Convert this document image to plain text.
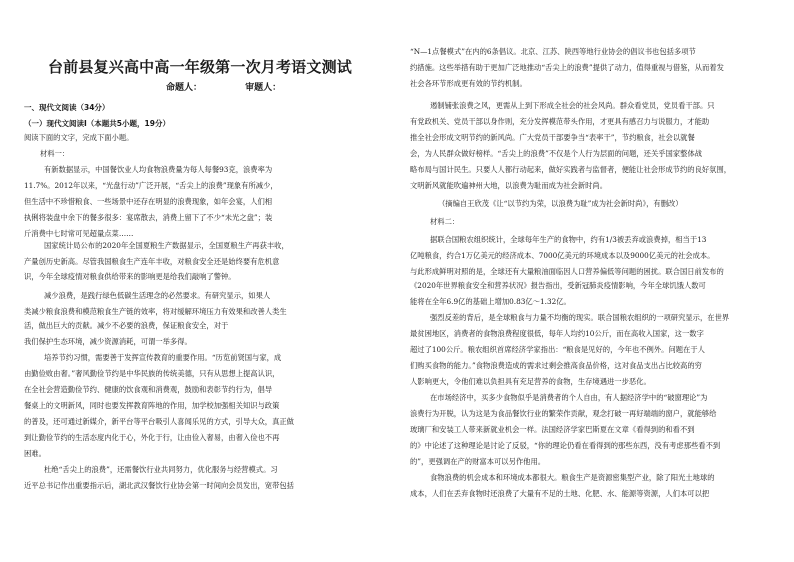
台前县复兴高中高一年级第一次月考语文测试
命题人：	审题人：
一、现代文阅读（34分）
（一）现代文阅读Ⅰ（本题共5小题，19分）
阅读下面的文字，完成下面小题。
材料一：
有新数据显示，中国餐饮业人均食物浪费量为每人每餐93克，浪费率为
11.7%。2012年以来，“光盘行动”广泛开展，“舌尖上的浪费”现象有所减少，
但生活中不珍惜粮食、一些场景中还存在明显的浪费现象，如年会宴，人们相
执俐将装盘中余下的餐多很多：宴席散去，消费上留下了不少“未光之盘”；装
斤消费中七时常可见超量点菜……
国家统计局公布的2020年全国夏粮生产数据显示，全国夏粮生产再获丰收，
产量创历史新高。尽管我国粮食生产连年丰收，对粮食安全还是始终要有危机意
识，今年全球疫情对粮食供给带来的影响更是给我们敲响了警钟。
减少浪费，是践行绿色低碳生活理念的必然要求。有研究显示，如果人
类减少粮食浪费和模范粮食生产链的效率，将对缓解环境压力有效果和改善人类生
活，做出巨大的贡献。减少不必要的浪费，保证粮食安全，对于
我们保护生态环境，减少资源消耗，可谓一举多得。
培养节约习惯，需要善于发挥宣传教育的重要作用。“历览前贤国与家，成
由勤俭败由奢。”奢风勤俭节约是中华民族的传统美德，只有从思想上提高认识，
在全社会营造勤俭节约、健康的饮食观和消费观，鼓励和表彰节约行为，倡导
餐桌上的文明新风，同时也要发挥教育阵地的作用，加学校加强相关知识与政策
的普及，还可通过新媒介，新平台等平台吸引人喜闻乐见的方式，引导大众，真正做
到让勤俭节约的生活态度内化于心，外化于行，让由俭入奢易，由奢入俭也不再
困难。
杜绝“舌尖上的浪费”，还需餐饮行业共同努力，优化服务与经营模式。习
近平总书记作出重要指示后，湖北武汉餐饮行业协会第一时间向会员发出，宽带包括
“N—1点餐模式”在内的6条倡议。北京、江苏、陕西等地行业协会的倡议书也包括多项节
约措施。这些举措有助于更加广泛地推动“舌尖上的浪费”提供了动力，值得重视与借鉴，从而着发
社会各环节形成更有效的节约机制。
遏制铺张浪费之风，更需从上到下形成全社会的社会风尚。群众看党员，党员看干部。只
有党政机关、党员干部以身作则，充分发挥模范带头作用，才更具有感召力与说服力，才能助
推全社会形成文明节约的新风尚。广大党员干部要争当“表率干”，节约粮食，社会以就餐
会，为人民群众做好榜样。“舌尖上的浪费”不仅是个人行为层面的问题，还关乎国家整体战
略布局与国计民生。只要人人都行动起来，做好实践者与监督者，便能让社会形成节约的良好氛围，
文明新风就能吹遍神州大地，以浪费为耻而成为社会新时尚。
（摘编自王欣茂《让“以节约为荣，以浪费为耻”成为社会新时尚》，有删改）
材料二：
据联合国粮农组织统计，全球每年生产的食物中，约有1/3被丢弃或浪费掉，相当于13
亿吨粮食，约合1万亿美元的经济成本、7000亿美元的环境成本以及9000亿美元的社会成本。
与此形成鲜明对照的是，全球还有大量粮油面临因人口营养偏低等问题的困扰。联合国日前发布的
《2020年世界粮食安全和营养状况》报告指出，受新冠肺炎疫情影响，今年全球饥饿人数可
能将在全年6.9亿的基础上增加0.83亿～1.32亿。
强烈反差的背后，是全球粮食与力量不均衡的现实。联合国粮农组织的一项研究显示，在世界
最贫困地区，消费者的食物浪费程度很低，每年人均约10公斤，而在高收入国家，这一数字
超过了100公斤。粮农组织首席经济学家指出：“粮食是见好的，今年也不例外。问题在于人
们购买食物的能力。”食物浪费造成的需求过剩会推高食品价格，这对食品支出占比较高的穷
人影响更大，令他们难以负担具有充足营养的食物，生存境遇进一步恶化。
在市场经济中，买多少食物似乎是消费者的个人自由，有人据经济学中的“破窗理论”为
浪费行为开脱，认为这是为食品餐饮行业的繁荣作贡献，观念打破一再好端端的窗户，就能够给
玻璃厂和安装工人带来新就业机会一样。法国经济学家巴斯夏在文章《看得到的和看不到
的》中论述了这种理论是讨论了反驳，“你的理论仍看在看得到的那些东西，没有考虑那些看不到
的”，更强调在产的财富本可以另作他用。
食物浪费的机会成本和环境成本都很大。粮食生产是资源密集型产业，除了阳光土地球的
成本，人们在丢弃食物时还浪费了大量有不足的土地、化肥、水、能源等资源，人们本可以把
